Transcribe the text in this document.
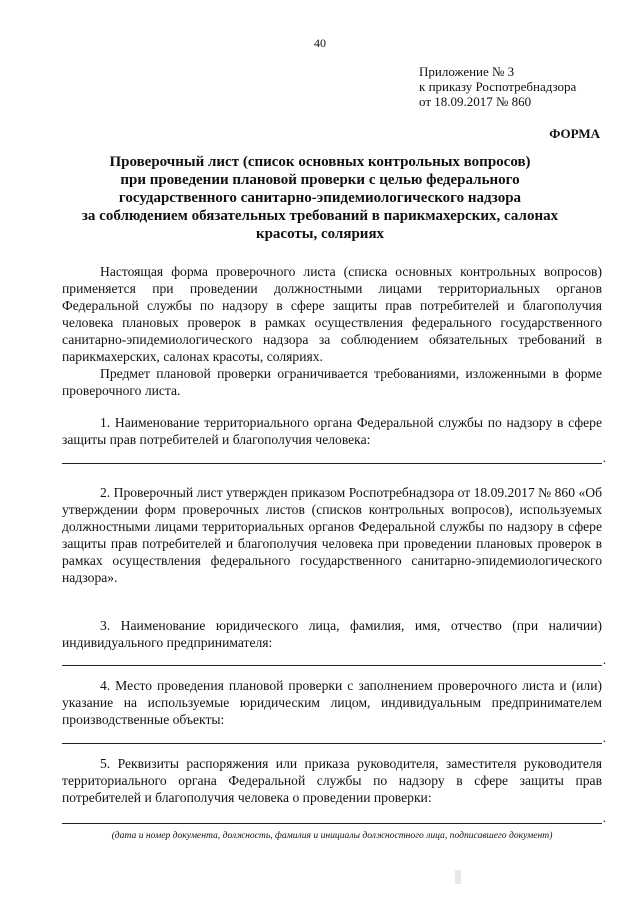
40
Приложение № 3
к приказу Роспотребнадзора
от 18.09.2017 № 860
ФОРМА
Проверочный лист (список основных контрольных вопросов)
при проведении плановой проверки с целью федерального
государственного санитарно-эпидемиологического надзора
за соблюдением обязательных требований в парикмахерских, салонах
красоты, соляриях

Настоящая форма проверочного листа (списка основных контрольных вопросов) применяется при проведении должностными лицами территориальных органов Федеральной службы по надзору в сфере защиты прав потребителей и благополучия человека плановых проверок в рамках осуществления федерального государственного санитарно-эпидемиологического надзора за соблюдением обязательных требований в парикмахерских, салонах красоты, соляриях.

Предмет плановой проверки ограничивается требованиями, изложенными в форме проверочного листа.

1. Наименование территориального органа Федеральной службы по надзору в сфере защиты прав потребителей и благополучия человека:

.

2. Проверочный лист утвержден приказом Роспотребнадзора от 18.09.2017 № 860 «Об утверждении форм проверочных листов (списков контрольных вопросов), используемых должностными лицами территориальных органов Федеральной службы по надзору в сфере защиты прав потребителей и благополучия человека при проведении плановых проверок в рамках осуществления федерального государственного санитарно-эпидемиологического надзора».

3. Наименование юридического лица, фамилия, имя, отчество (при наличии) индивидуального предпринимателя:

.

4. Место проведения плановой проверки с заполнением проверочного листа и (или) указание на используемые юридическим лицом, индивидуальным предпринимателем производственные объекты:

.

5. Реквизиты распоряжения или приказа руководителя, заместителя руководителя территориального органа Федеральной службы по надзору в сфере защиты прав потребителей и благополучия человека о проведении проверки:

.
(дата и номер документа, должность, фамилия и инициалы должностного лица, подписавшего документ)
